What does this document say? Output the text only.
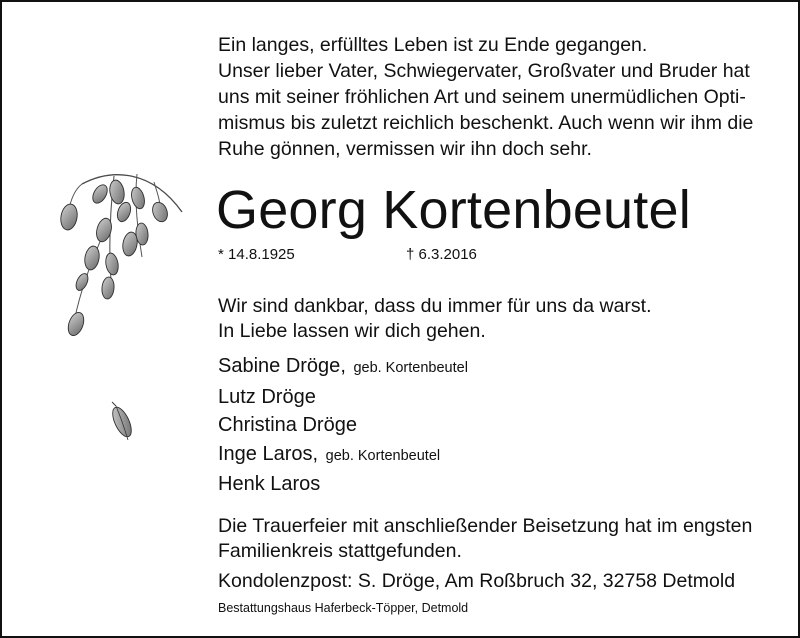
Ein langes, erfülltes Leben ist zu Ende gegangen.

Unser lieber Vater, Schwiegervater, Großvater und Bruder hat

uns mit seiner fröhlichen Art und seinem unermüdlichen Opti-

mismus bis zuletzt reichlich beschenkt. Auch wenn wir ihm die

Ruhe gönnen, vermissen wir ihn doch sehr.

Georg Kortenbeutel
* 14.8.1925	† 6.3.2016

Wir sind dankbar, dass du immer für uns da warst.

In Liebe lassen wir dich gehen.

Sabine Dröge, geb. Kortenbeutel
Lutz Dröge
Christina Dröge
Inge Laros, geb. Kortenbeutel
Henk Laros

Die Trauerfeier mit anschließender Beisetzung hat im engsten

Familienkreis stattgefunden.

Kondolenzpost: S. Dröge, Am Roßbruch 32, 32758 Detmold
Bestattungshaus Haferbeck-Töpper, Detmold
